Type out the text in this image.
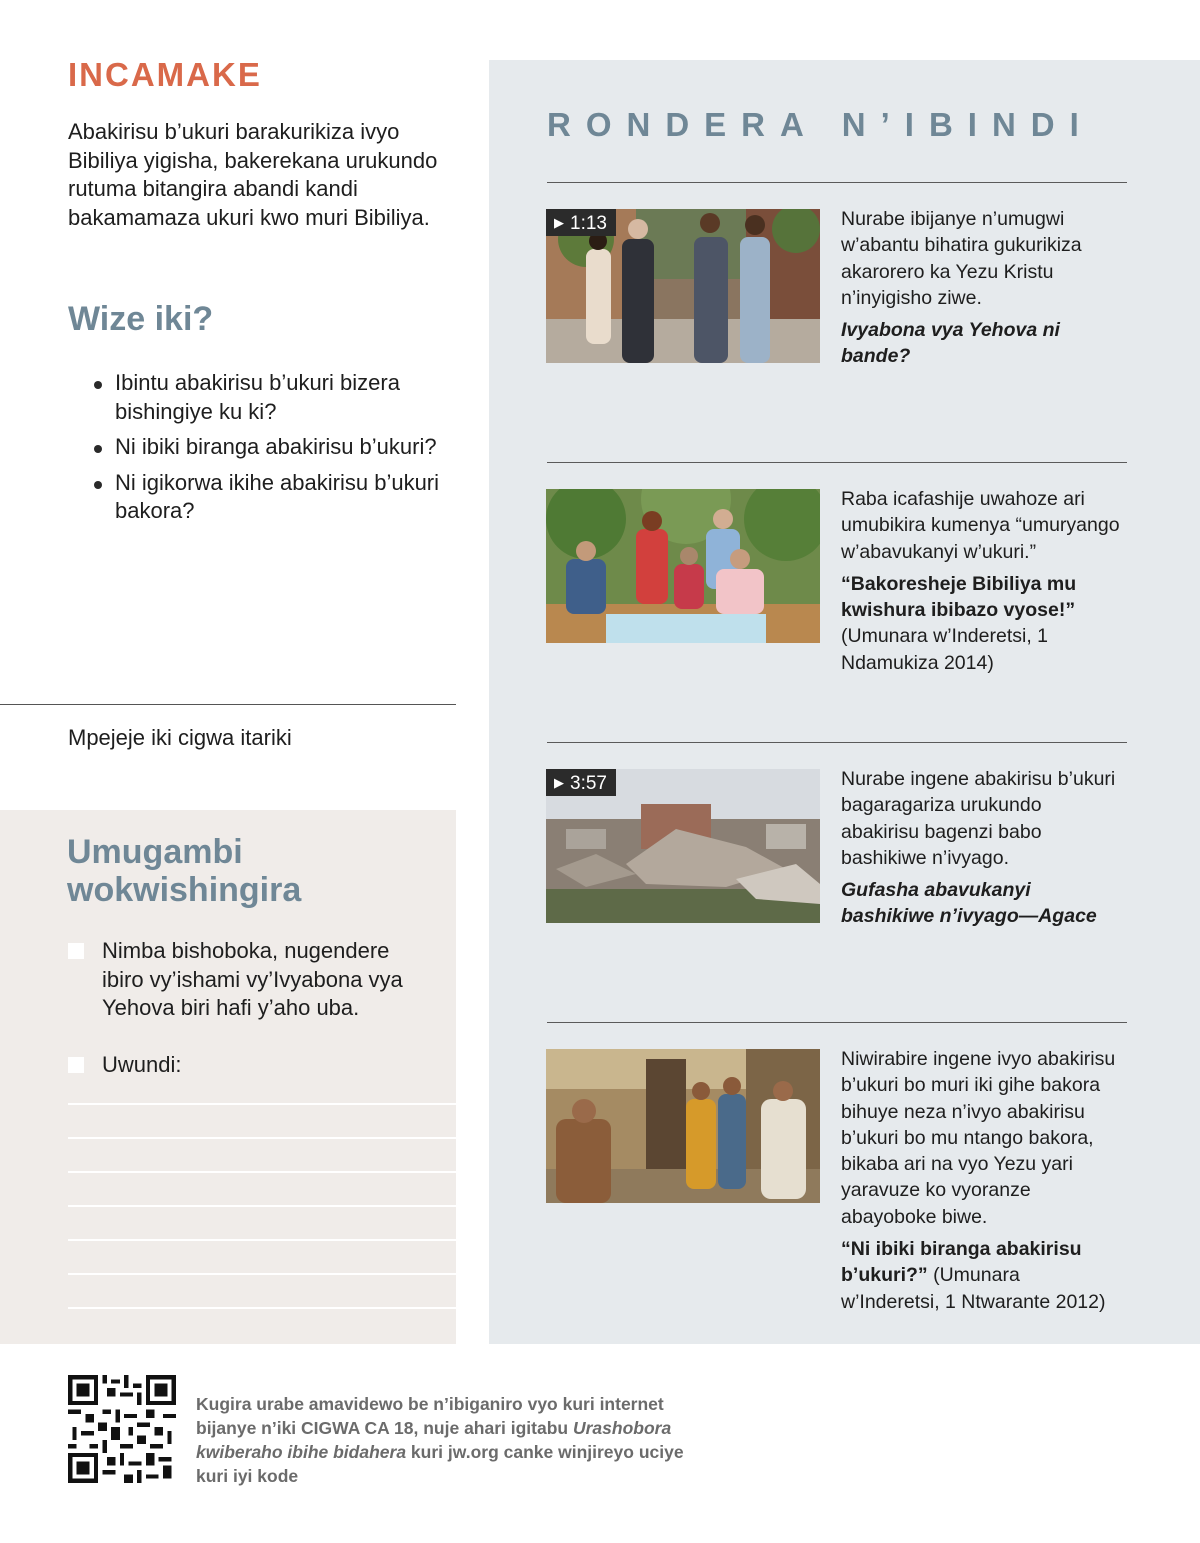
INCAMAKE

Abakirisu b’ukuri barakurikiza ivyo Bibiliya yigisha, bakerekana urukundo rutuma bitangira abandi kandi bakamamaza ukuri kwo muri Bibiliya.

Wize iki?
Ibintu abakirisu b’ukuri bizera bishingiye ku ki?
Ni ibiki biranga abakirisu b’ukuri?
Ni igikorwa ikihe abakirisu b’ukuri bakora?
Mpejeje iki cigwa itariki
Umugambi wokwishingira
Nimba bishoboka, nugendere ibiro vy’ishami vy’Ivyabona vya Yehova biri hafi y’aho uba.
Uwundi:
RONDERA N’IBINDI
▶ 1:13	Nurabe ibijanye n’umugwi w’abantu bihatira gukurikiza akarorero ka Yezu Kristu n’inyigisho ziwe.

Ivyabona vya Yehova ni bande?

Raba icafashije uwahoze ari umubikira kumenya “umuryango w’abavukanyi w’ukuri.”

“Bakoresheje Bibiliya mu kwishura ibibazo vyose!” (Umunara w’Inderetsi, 1 Ndamukiza 2014)

▶ 3:57	Nurabe ingene abakirisu b’ukuri bagaragariza urukundo abakirisu bagenzi babo bashikiwe n’ivyago.

Gufasha abavukanyi bashikiwe n’ivyago—Agace

Niwirabire ingene ivyo abakirisu b’ukuri bo muri iki gihe bakora bihuye neza n’ivyo abakirisu b’ukuri bo mu ntango bakora, bikaba ari na vyo Yezu yari yaravuze ko vyoranze abayoboke biwe.

“Ni ibiki biranga abakirisu b’ukuri?” (Umunara w’Inderetsi, 1 Ntwarante 2012)

Kugira urabe amavidewo be n’ibiganiro vyo kuri internet bijanye n’iki CIGWA CA 18, nuje ahari igitabu Urashobora kwiberaho ibihe bidahera kuri jw.org canke winjireyo uciye kuri iyi kode
